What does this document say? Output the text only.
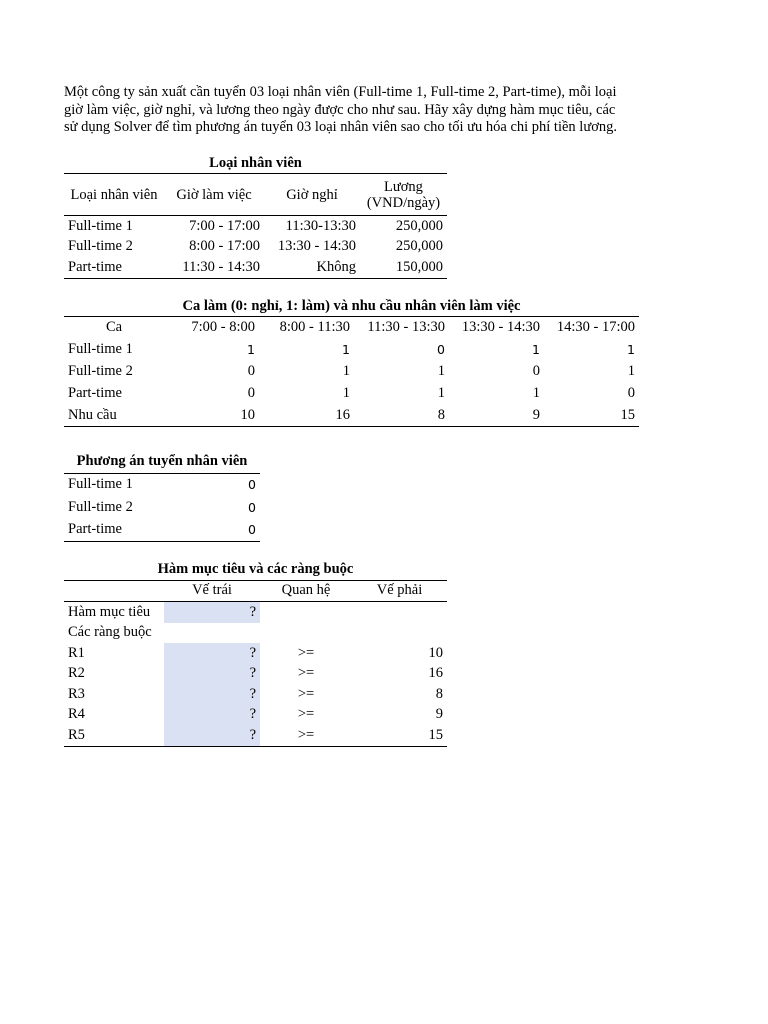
Một công ty sản xuất cần tuyển 03 loại nhân viên (Full-time 1, Full-time 2, Part-time), mỗi loại
giờ làm việc, giờ nghỉ, và lương theo ngày được cho như sau. Hãy xây dựng hàm mục tiêu, các
sử dụng Solver để tìm phương án tuyển 03 loại nhân viên sao cho tối ưu hóa chi phí tiền lương.
Loại nhân viên			
Loại nhân viên	Giờ làm việc	Giờ nghỉ	Lương
(VND/ngày)

Full-time 1	7:00 - 17:00	11:30-13:30	250,000
Full-time 2	8:00 - 17:00	13:30 - 14:30	250,000
Part-time	11:30 - 14:30	Không	150,000
Ca làm (0: nghỉ, 1: làm) và nhu cầu nhân viên làm việc					
Ca	7:00 - 8:00	8:00 - 11:30	11:30 - 13:30	13:30 - 14:30	14:30 - 17:00
Full-time 1	1	1	0	1	1
Full-time 2	0	1	1	0	1
Part-time	0	1	1	1	0
Nhu cầu	10	16	8	9	15
Phương án tuyển nhân viên	
Full-time 1	0
Full-time 2	0
Part-time	0
Hàm mục tiêu và các ràng buộc			
	Vế trái	Quan hệ	Vế phải
Hàm mục tiêu	?		
Các ràng buộc			
R1	?	>=	10
R2	?	>=	16
R3	?	>=	8
R4	?	>=	9
R5	?	>=	15
